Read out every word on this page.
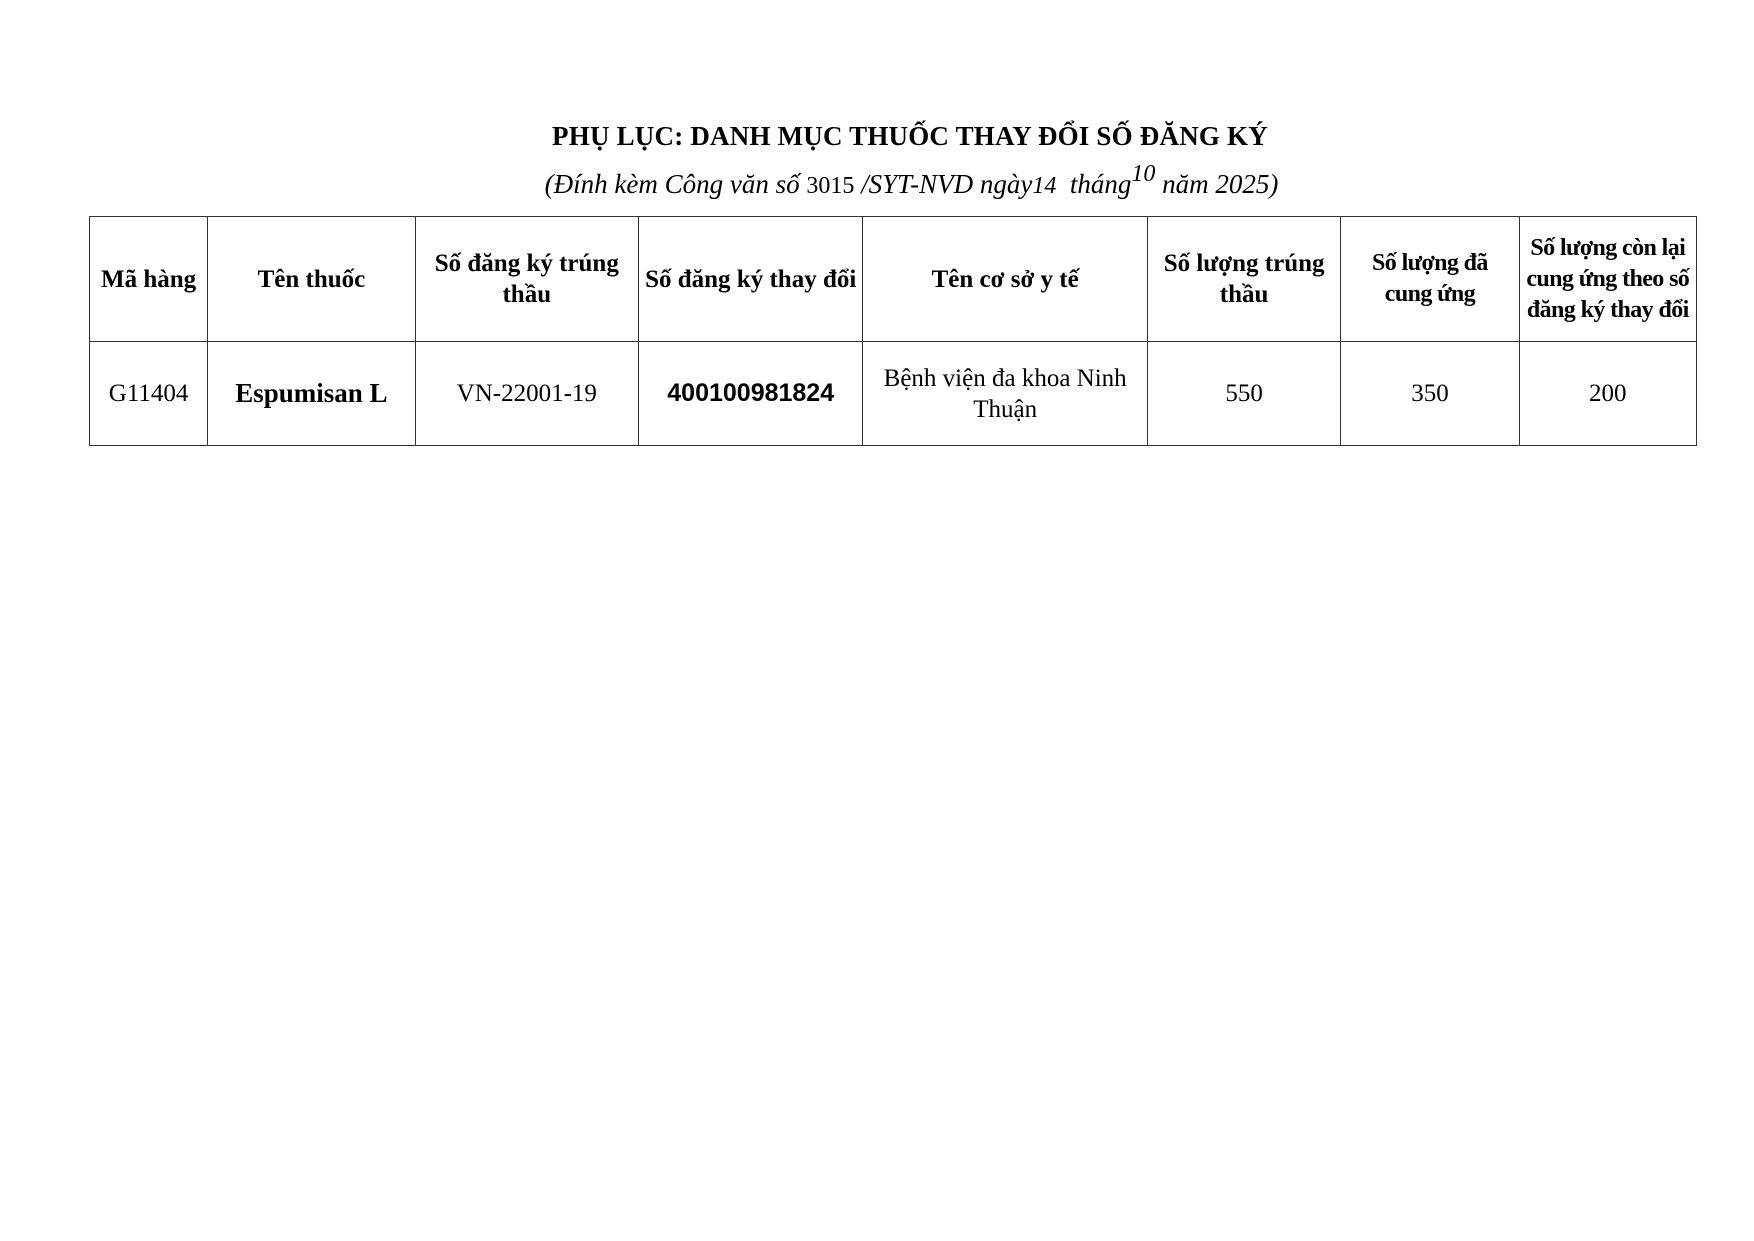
PHỤ LỤC: DANH MỤC THUỐC THAY ĐỔI SỐ ĐĂNG KÝ
(Đính kèm Công văn số 3015 /SYT-NVD ngày14  tháng$^{10}$ năm 2025)
Mã hàng	Tên thuốc	Số đăng ký trúng thầu	Số đăng ký thay đổi	Tên cơ sở y tế	Số lượng trúng thầu	Số lượng đã cung ứng	Số lượng còn lại cung ứng theo số đăng ký thay đổi
G11404	Espumisan L	VN-22001-19	400100981824	Bệnh viện đa khoa Ninh Thuận	550	350	200
